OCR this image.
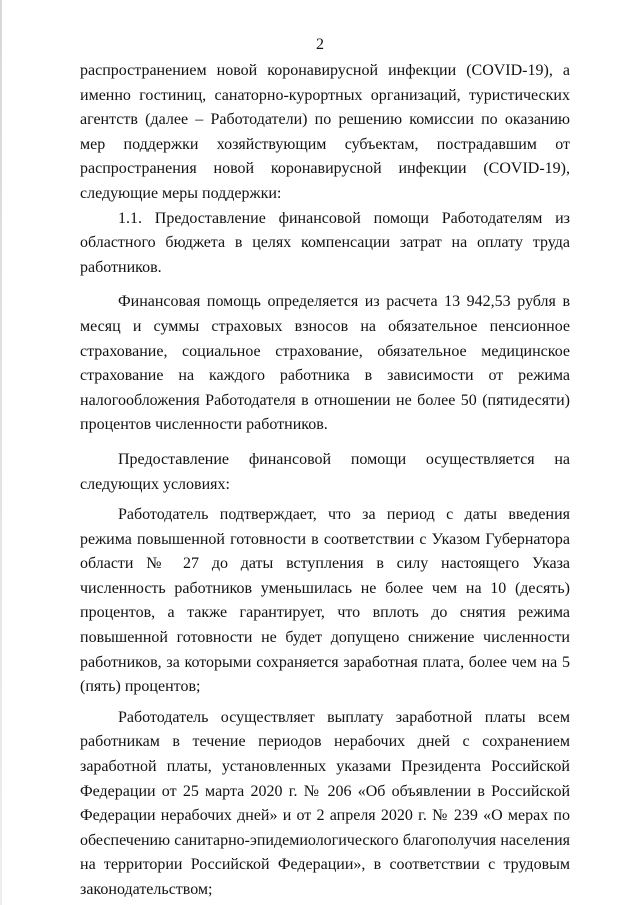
2

распространением новой коронавирусной инфекции (COVID-19), а именно гостиниц, санаторно-курортных организаций, туристических агентств (далее – Работодатели) по решению комиссии по оказанию мер поддержки хозяйствующим субъектам, пострадавшим от распространения новой коронавирусной инфекции (COVID-19), следующие меры поддержки:

1.1. Предоставление финансовой помощи Работодателям из областного бюджета в целях компенсации затрат на оплату труда работников.

Финансовая помощь определяется из расчета 13 942,53 рубля в месяц и суммы страховых взносов на обязательное пенсионное страхование, социальное страхование, обязательное медицинское страхование на каждого работника в зависимости от режима налогообложения Работодателя в отношении не более 50 (пятидесяти) процентов численности работников.

Предоставление финансовой помощи осуществляется на следующих условиях:

Работодатель подтверждает, что за период с даты введения режима повышенной готовности в соответствии с Указом Губернатора области № 27 до даты вступления в силу настоящего Указа численность работников уменьшилась не более чем на 10 (десять) процентов, а также гарантирует, что вплоть до снятия режима повышенной готовности не будет допущено снижение численности работников, за которыми сохраняется заработная плата, более чем на 5 (пять) процентов;

Работодатель осуществляет выплату заработной платы всем работникам в течение периодов нерабочих дней с сохранением заработной платы, установленных указами Президента Российской Федерации от 25 марта 2020 г. № 206 «Об объявлении в Российской Федерации нерабочих дней» и от 2 апреля 2020 г. № 239 «О мерах по обеспечению санитарно-эпидемиологического благополучия населения на территории Российской Федерации», в соответствии с трудовым законодательством;
